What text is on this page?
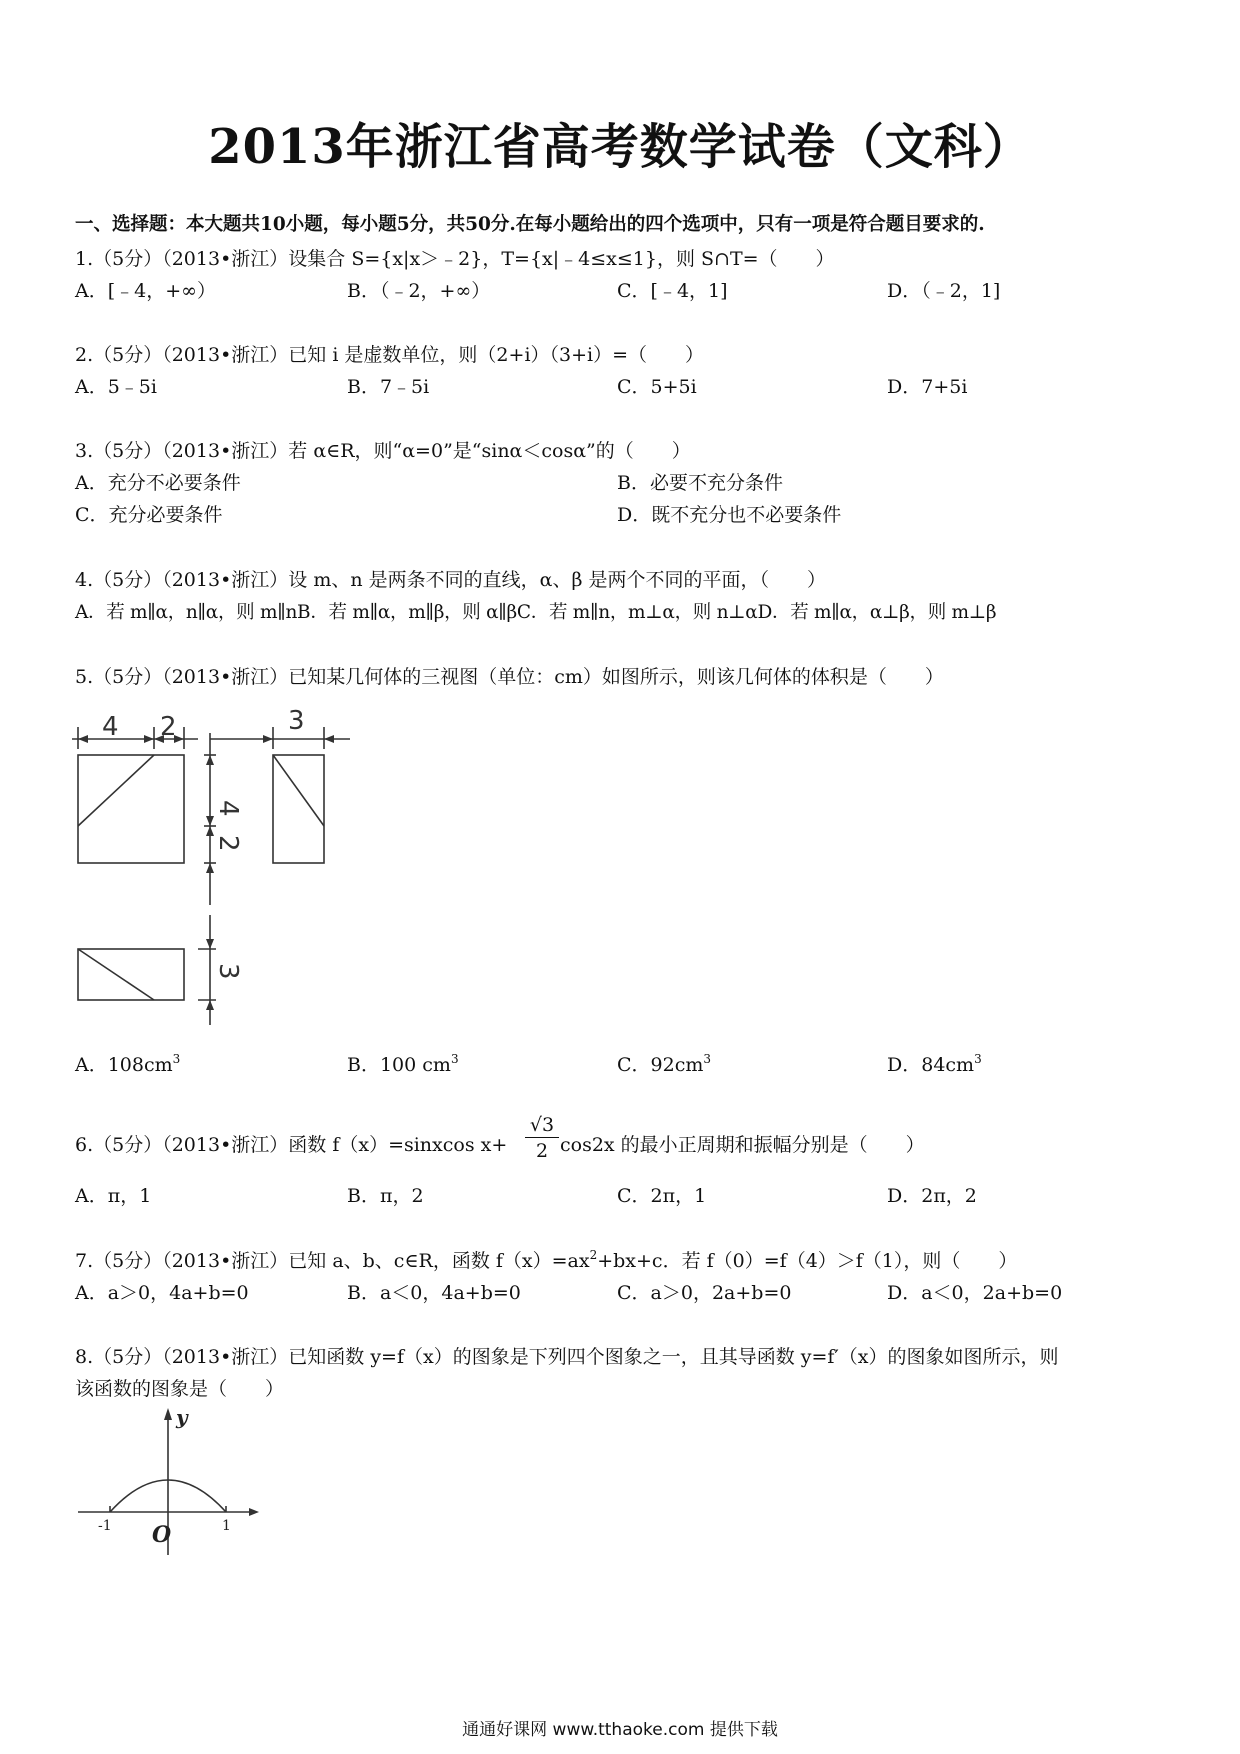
2013年浙江省高考数学试卷（文科）
一、选择题：本大题共10小题，每小题5分，共50分.在每小题给出的四个选项中，只有一项是符合题目要求的.
1.（5分）（2013•浙江）设集合 S={x|x＞﹣2}，T={x|﹣4≤x≤1}，则 S∩T=（　　）
A．[﹣4，+∞）	B．（﹣2，+∞）	C．[﹣4，1]	D．（﹣2，1]
2.（5分）（2013•浙江）已知 i 是虚数单位，则（2+i）（3+i）=（　　）
A．5﹣5i	B．7﹣5i	C．5+5i	D．7+5i
3.（5分）（2013•浙江）若 α∈R，则“α=0”是“sinα＜cosα”的（　　）
A．充分不必要条件	B．必要不充分条件
C．充分必要条件	D．既不充分也不必要条件
4.（5分）（2013•浙江）设 m、n 是两条不同的直线，α、β 是两个不同的平面，（　　）
A．若 m∥α，n∥α，则 m∥nB．若 m∥α，m∥β，则 α∥βC．若 m∥n，m⊥α，则 n⊥αD．若 m∥α，α⊥β，则 m⊥β
5.（5分）（2013•浙江）已知某几何体的三视图（单位：cm）如图所示，则该几何体的体积是（　　）
4 2	3
4
2
3
A．$108cm^3$	B．100 $cm^3$	C．$92cm^3$	D．$84cm^3$
6.（5分）（2013•浙江）函数 f（x）=sinxcos $x+ \frac{√3}{2} \cos 2x$ 的最小正周期和振幅分别是（　　）
A．π，1	B．π，2	C．2π，1	D．2π，2
7.（5分）（2013•浙江）已知 a、b、c∈R，函数 $f(x)=ax^2+bx+c$．若 f（0）=f（4）＞f（1），则（　　）
A．a＞0，4a+b=0	B．a＜0，4a+b=0	C．a＞0，2a+b=0	D．a＜0，2a+b=0
8.（5分）（2013•浙江）已知函数 y=f（x）的图象是下列四个图象之一，且其导函数 y=f′（x）的图象如图所示，则
该函数的图象是（　　）
y
-1 O	1
通通好课网 www.tthaoke.com 提供下载
